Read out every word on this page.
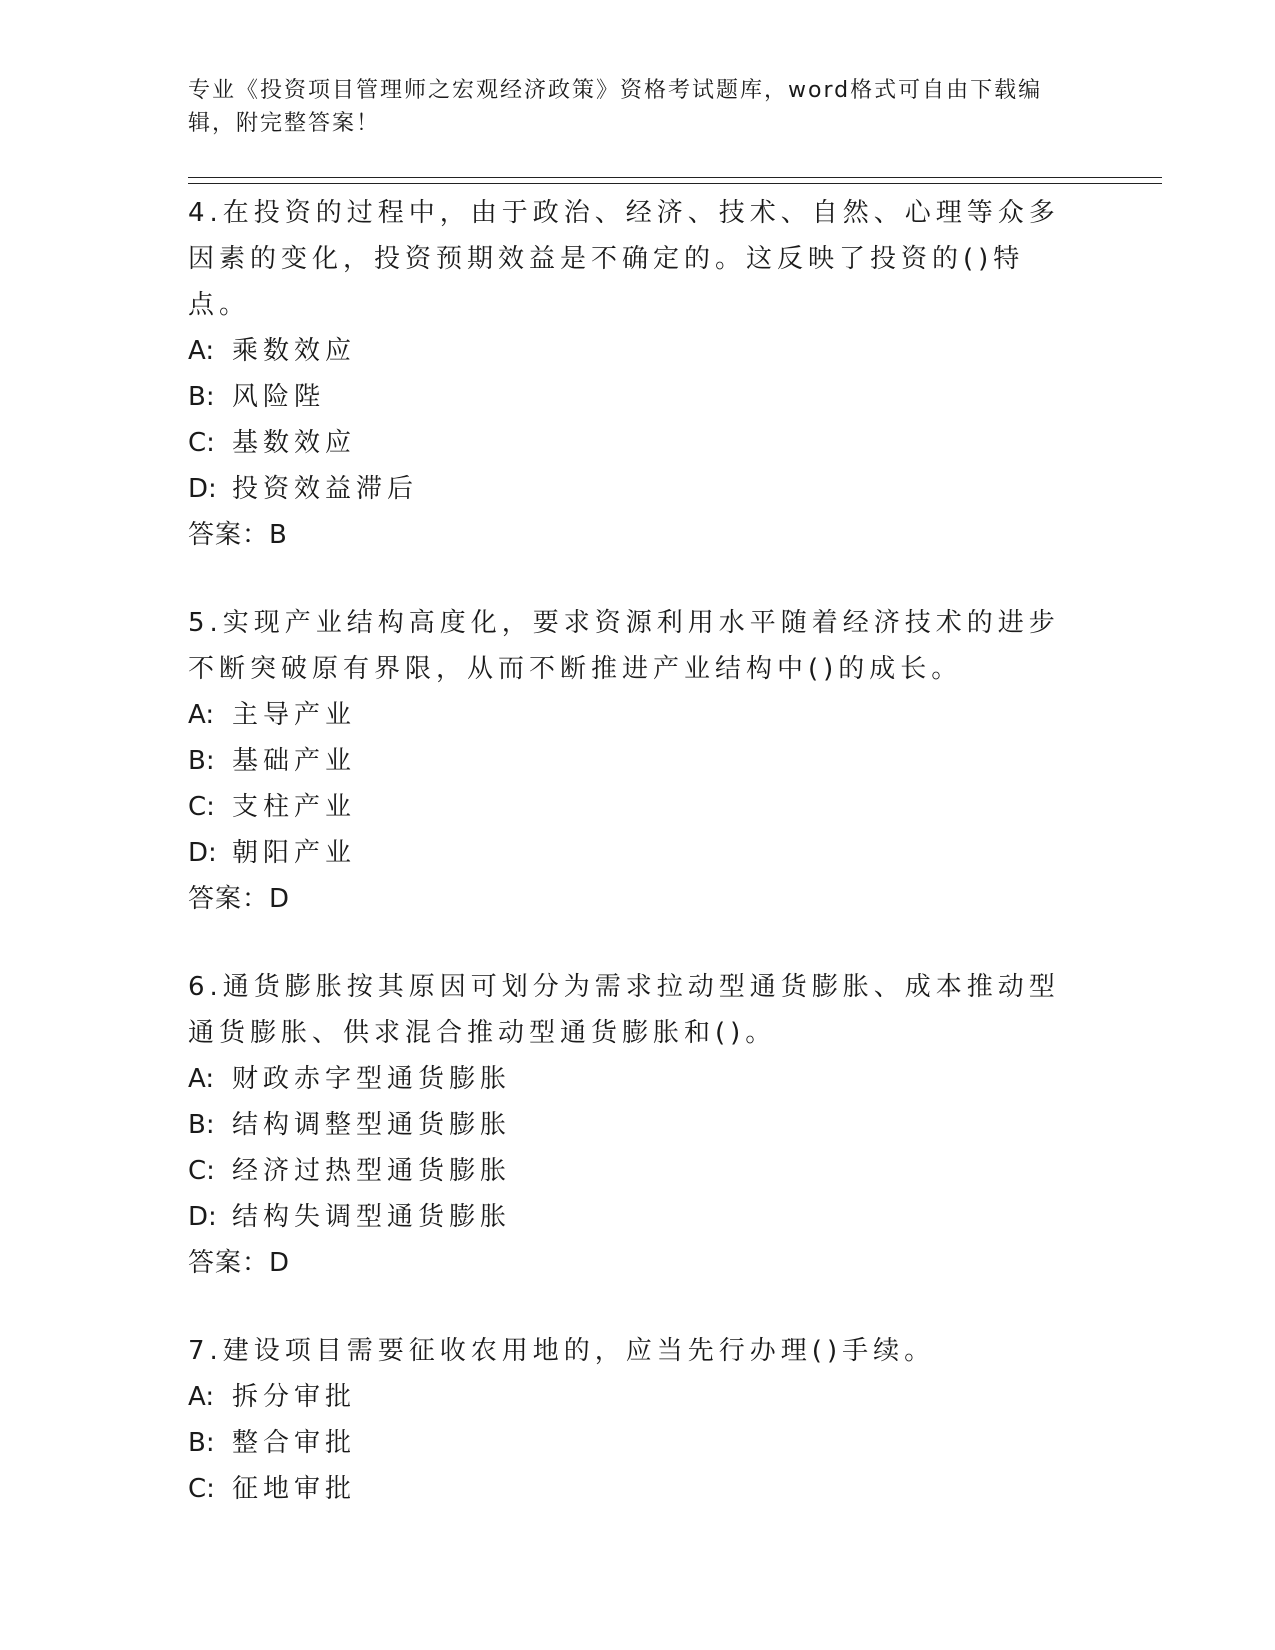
专业《投资项目管理师之宏观经济政策》资格考试题库，word格式可自由下载编辑，附完整答案！

4.在投资的过程中，由于政治、经济、技术、自然、心理等众多因素的变化，投资预期效益是不确定的。这反映了投资的()特点。

A: 乘数效应

B: 风险陛

C: 基数效应

D: 投资效益滞后

答案：B

5.实现产业结构高度化，要求资源利用水平随着经济技术的进步不断突破原有界限，从而不断推进产业结构中()的成长。

A: 主导产业

B: 基础产业

C: 支柱产业

D: 朝阳产业

答案：D

6.通货膨胀按其原因可划分为需求拉动型通货膨胀、成本推动型通货膨胀、供求混合推动型通货膨胀和()。

A: 财政赤字型通货膨胀

B: 结构调整型通货膨胀

C: 经济过热型通货膨胀

D: 结构失调型通货膨胀

答案：D

7.建设项目需要征收农用地的，应当先行办理()手续。

A: 拆分审批

B: 整合审批

C: 征地审批
